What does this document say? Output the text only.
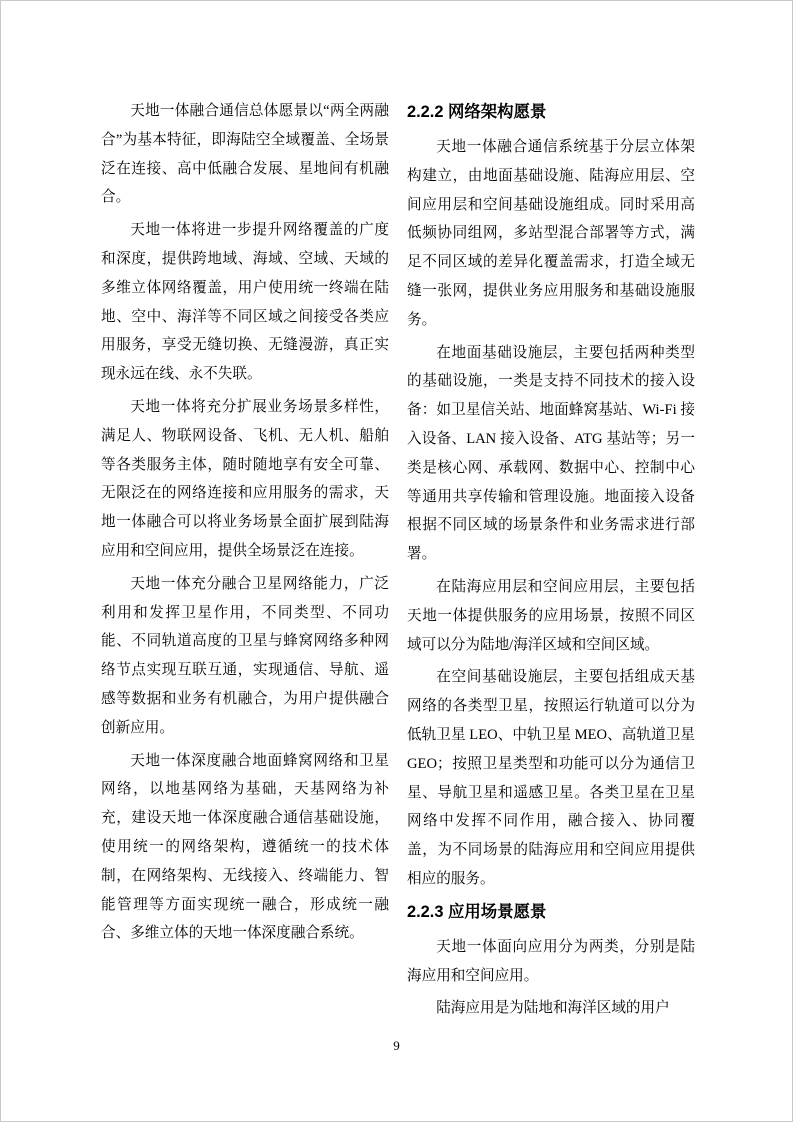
天地一体融合通信总体愿景以“两全两融合”为基本特征，即海陆空全域覆盖、全场景泛在连接、高中低融合发展、星地间有机融合。

天地一体将进一步提升网络覆盖的广度和深度，提供跨地域、海域、空域、天域的多维立体网络覆盖，用户使用统一终端在陆地、空中、海洋等不同区域之间接受各类应用服务，享受无缝切换、无缝漫游，真正实现永远在线、永不失联。

天地一体将充分扩展业务场景多样性，满足人、物联网设备、飞机、无人机、船舶等各类服务主体，随时随地享有安全可靠、无限泛在的网络连接和应用服务的需求，天地一体融合可以将业务场景全面扩展到陆海应用和空间应用，提供全场景泛在连接。

天地一体充分融合卫星网络能力，广泛利用和发挥卫星作用，不同类型、不同功能、不同轨道高度的卫星与蜂窝网络多种网络节点实现互联互通，实现通信、导航、遥感等数据和业务有机融合，为用户提供融合创新应用。

天地一体深度融合地面蜂窝网络和卫星网络，以地基网络为基础，天基网络为补充，建设天地一体深度融合通信基础设施，使用统一的网络架构，遵循统一的技术体制，在网络架构、无线接入、终端能力、智能管理等方面实现统一融合，形成统一融合、多维立体的天地一体深度融合系统。

2.2.2 网络架构愿景

天地一体融合通信系统基于分层立体架构建立，由地面基础设施、陆海应用层、空间应用层和空间基础设施组成。同时采用高低频协同组网，多站型混合部署等方式，满足不同区域的差异化覆盖需求，打造全域无缝一张网，提供业务应用服务和基础设施服务。

在地面基础设施层，主要包括两种类型的基础设施，一类是支持不同技术的接入设备：如卫星信关站、地面蜂窝基站、Wi-Fi 接入设备、LAN 接入设备、ATG 基站等；另一类是核心网、承载网、数据中心、控制中心等通用共享传输和管理设施。地面接入设备根据不同区域的场景条件和业务需求进行部署。

在陆海应用层和空间应用层，主要包括天地一体提供服务的应用场景，按照不同区域可以分为陆地/海洋区域和空间区域。

在空间基础设施层，主要包括组成天基网络的各类型卫星，按照运行轨道可以分为低轨卫星 LEO、中轨卫星 MEO、高轨道卫星 GEO；按照卫星类型和功能可以分为通信卫星、导航卫星和遥感卫星。各类卫星在卫星网络中发挥不同作用，融合接入、协同覆盖，为不同场景的陆海应用和空间应用提供相应的服务。

2.2.3 应用场景愿景

天地一体面向应用分为两类，分别是陆海应用和空间应用。

陆海应用是为陆地和海洋区域的用户

9
